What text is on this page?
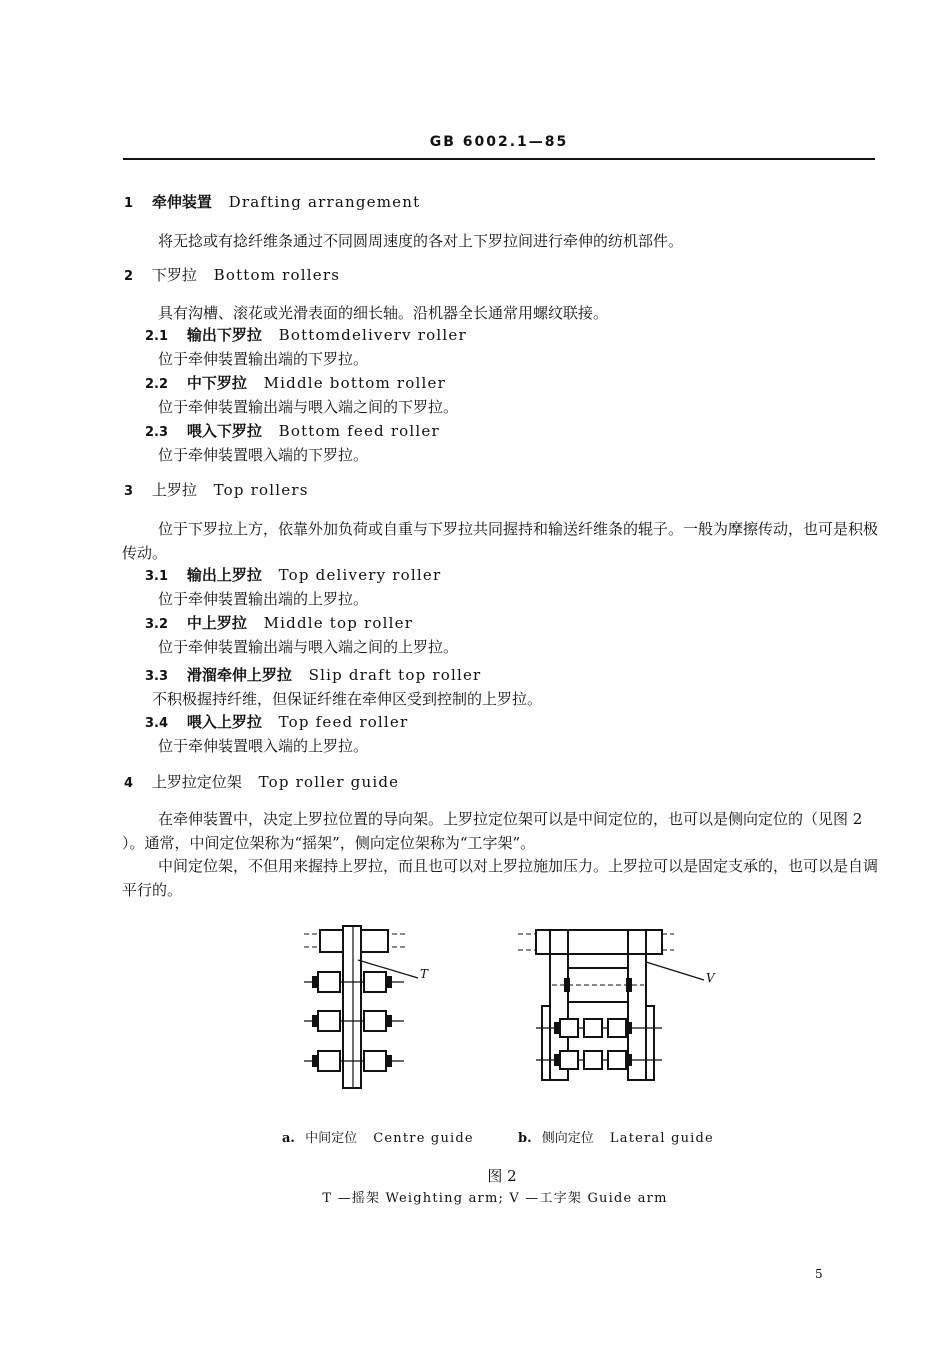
GB 6002.1—85
1 牵伸装置 Drafting arrangement
将无捻或有捻纤维条通过不同圆周速度的各对上下罗拉间进行牵伸的纺机部件。
2 下罗拉 Bottom rollers
具有沟槽、滚花或光滑表面的细长轴。沿机器全长通常用螺纹联接。
2.1 输出下罗拉 Bottomdeliverv roller
位于牵伸装置输出端的下罗拉。
2.2 中下罗拉 Middle bottom roller
位于牵伸装置输出端与喂入端之间的下罗拉。
2.3 喂入下罗拉 Bottom feed roller
位于牵伸装置喂入端的下罗拉。
3 上罗拉 Top rollers
位于下罗拉上方，依靠外加负荷或自重与下罗拉共同握持和输送纤维条的辊子。一般为摩擦传动，也可是积极传动。
3.1 输出上罗拉 Top delivery roller
位于牵伸装置输出端的上罗拉。
3.2 中上罗拉 Middle top roller
位于牵伸装置输出端与喂入端之间的上罗拉。
3.3 滑溜牵伸上罗拉 Slip draft top roller
不积极握持纤维，但保证纤维在牵伸区受到控制的上罗拉。
3.4 喂入上罗拉 Top feed roller
位于牵伸装置喂入端的上罗拉。
4 上罗拉定位架 Top roller guide
在牵伸装置中，决定上罗拉位置的导向架。上罗拉定位架可以是中间定位的，也可以是侧向定位的（见图 2 ）。通常，中间定位架称为“摇架”，侧向定位架称为“工字架”。
中间定位架，不但用来握持上罗拉，而且也可以对上罗拉施加压力。上罗拉可以是固定支承的，也可以是自调平行的。
T	V
a. 中间定位 Centre guide	b. 侧向定位 Lateral guide
图 2
T —摇架 Weighting arm; V —工字架 Guide arm
5
